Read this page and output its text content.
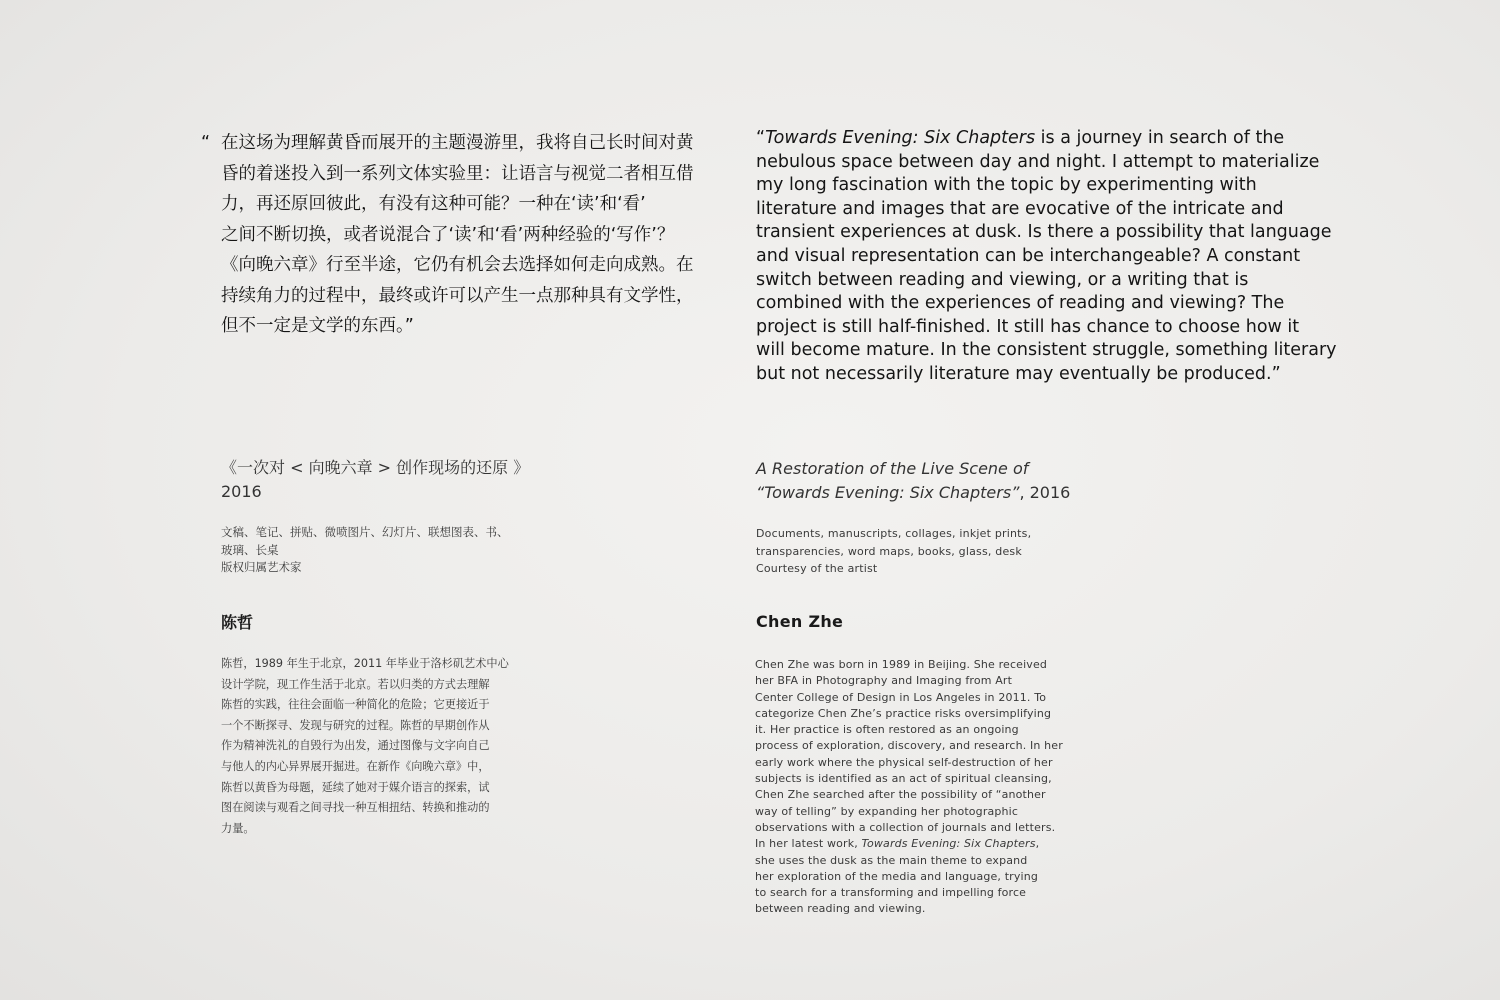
“ 在这场为理解黄昏而展开的主题漫游里，我将自己长时间对黄
昏的着迷投入到一系列文体实验里：让语言与视觉二者相互借
力，再还原回彼此，有没有这种可能？一种在‘读’和‘看’
之间不断切换，或者说混合了‘读’和‘看’两种经验的‘写作’？
《向晚六章》行至半途，它仍有机会去选择如何走向成熟。在
持续角力的过程中，最终或许可以产生一点那种具有文学性，
但不一定是文学的东西。”
“Towards Evening: Six Chapters is a journey in search of the
nebulous space between day and night. I attempt to materialize
my long fascination with the topic by experimenting with
literature and images that are evocative of the intricate and
transient experiences at dusk. Is there a possibility that language
and visual representation can be interchangeable? A constant
switch between reading and viewing, or a writing that is
combined with the experiences of reading and viewing? The
project is still half-finished. It still has chance to choose how it
will become mature. In the consistent struggle, something literary
but not necessarily literature may eventually be produced.”
《一次对 < 向晚六章 > 创作现场的还原 》
2016
A Restoration of the Live Scene of
“Towards Evening: Six Chapters”, 2016
文稿、笔记、拼贴、微喷图片、幻灯片、联想图表、书、
玻璃、长桌
版权归属艺术家
Documents, manuscripts, collages, inkjet prints,
transparencies, word maps, books, glass, desk
Courtesy of the artist
陈哲	Chen Zhe
陈哲，1989 年生于北京，2011 年毕业于洛杉矶艺术中心
设计学院，现工作生活于北京。若以归类的方式去理解
陈哲的实践，往往会面临一种简化的危险；它更接近于
一个不断探寻、发现与研究的过程。陈哲的早期创作从
作为精神洗礼的自毁行为出发，通过图像与文字向自己
与他人的内心异界展开掘进。在新作《向晚六章》中，
陈哲以黄昏为母题，延续了她对于媒介语言的探索，试
图在阅读与观看之间寻找一种互相扭结、转换和推动的
力量。
Chen Zhe was born in 1989 in Beijing. She received
her BFA in Photography and Imaging from Art
Center College of Design in Los Angeles in 2011. To
categorize Chen Zhe’s practice risks oversimplifying
it. Her practice is often restored as an ongoing
process of exploration, discovery, and research. In her
early work where the physical self-destruction of her
subjects is identified as an act of spiritual cleansing,
Chen Zhe searched after the possibility of “another
way of telling” by expanding her photographic
observations with a collection of journals and letters.
In her latest work, Towards Evening: Six Chapters,
she uses the dusk as the main theme to expand
her exploration of the media and language, trying
to search for a transforming and impelling force
between reading and viewing.
